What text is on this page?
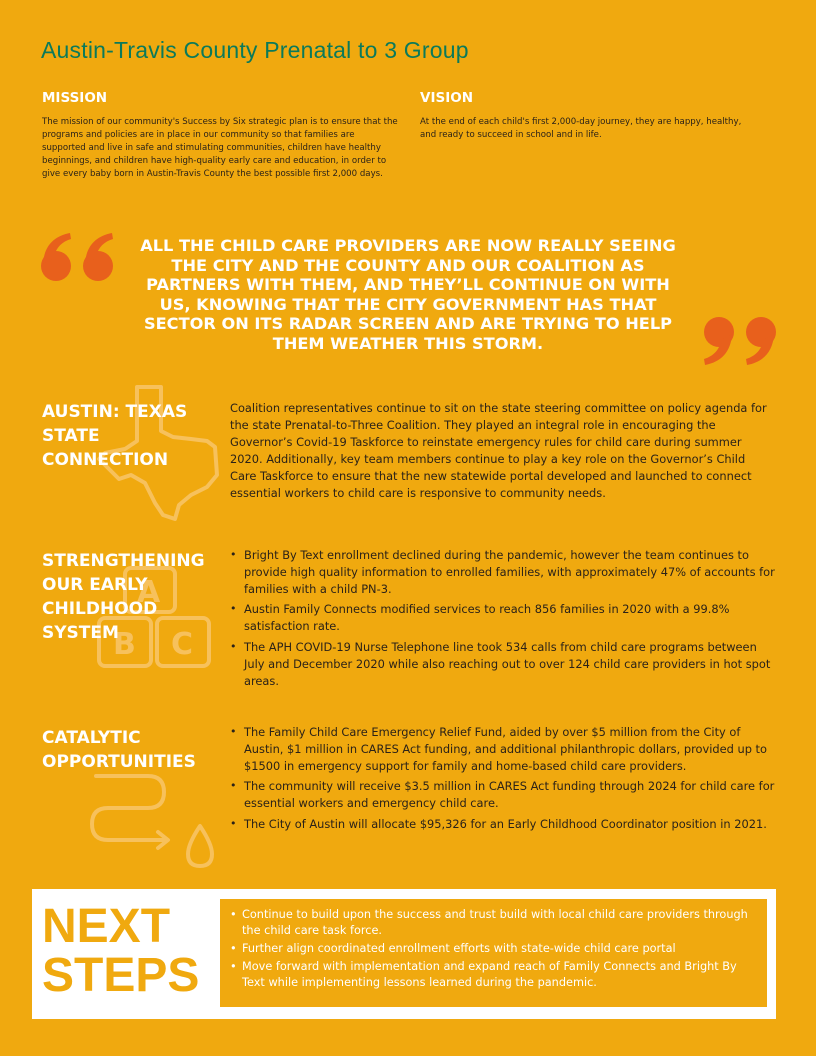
Austin-Travis County Prenatal to 3 Group
MISSION

The mission of our community's Success by Six strategic plan is to ensure that the programs and policies are in place in our community so that families are supported and live in safe and stimulating communities, children have healthy beginnings, and children have high-quality early care and education, in order to give every baby born in Austin-Travis County the best possible first 2,000 days.

VISION

At the end of each child's first 2,000-day journey, they are happy, healthy, and ready to succeed in school and in life.

ALL THE CHILD CARE PROVIDERS ARE NOW REALLY SEEING THE CITY AND THE COUNTY AND OUR COALITION AS PARTNERS WITH THEM, AND THEY’LL CONTINUE ON WITH US, KNOWING THAT THE CITY GOVERNMENT HAS THAT SECTOR ON ITS RADAR SCREEN AND ARE TRYING TO HELP THEM WEATHER THIS STORM.

A
B C
AUSTIN: TEXAS STATE CONNECTION

Coalition representatives continue to sit on the state steering committee on policy agenda for the state Prenatal-to-Three Coalition. They played an integral role in encouraging the Governor’s Covid-19 Taskforce to reinstate emergency rules for child care during summer 2020. Additionally, key team members continue to play a key role on the Governor’s Child Care Taskforce to ensure that the new statewide portal developed and launched to connect essential workers to child care is responsive to community needs.

STRENGTHENING OUR EARLY CHILDHOOD SYSTEM
• Bright By Text enrollment declined during the pandemic, however the team continues to provide high quality information to enrolled families, with approximately 47% of accounts for families with a child PN-3.
• Austin Family Connects modified services to reach 856 families in 2020 with a 99.8% satisfaction rate.
• The APH COVID-19 Nurse Telephone line took 534 calls from child care programs between July and December 2020 while also reaching out to over 124 child care providers in hot spot areas.
CATALYTIC OPPORTUNITIES
• The Family Child Care Emergency Relief Fund, aided by over $5 million from the City of Austin, $1 million in CARES Act funding, and additional philanthropic dollars, provided up to $1500 in emergency support for family and home-based child care providers.
• The community will receive $3.5 million in CARES Act funding through 2024 for child care for essential workers and emergency child care.
• The City of Austin will allocate $95,326 for an Early Childhood Coordinator position in 2021.
NEXT
STEPS
• Continue to build upon the success and trust build with local child care providers through the child care task force.
• Further align coordinated enrollment efforts with state-wide child care portal
• Move forward with implementation and expand reach of Family Connects and Bright By Text while implementing lessons learned during the pandemic.
